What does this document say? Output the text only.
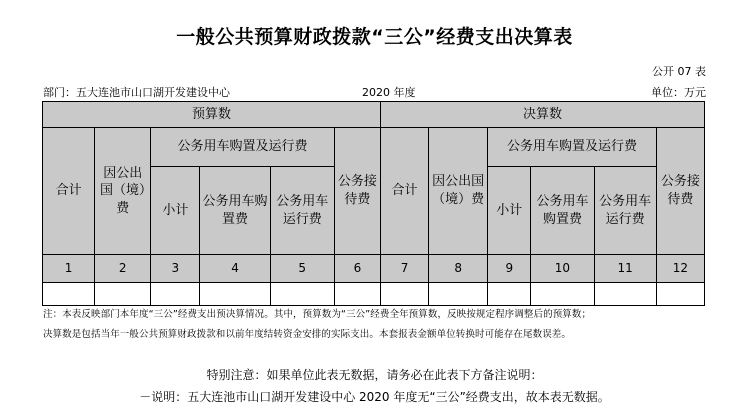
一般公共预算财政拨款“三公”经费支出决算表
公开 07 表
部门：五大连池市山口湖开发建设中心	2020 年度	单位：万元
预算数						决算数					
合计	因公出国（境）费	公务用车购置及运行费			公务接待费	合计	因公出国（境）费	公务用车购置及运行费			公务接待费
		小计	公务用车购置费	公务用车运行费				小计	公务用车购置费	公务用车运行费	
1	2	3	4	5	6	7	8	9	10	11	12

注：本表反映部门本年度“三公”经费支出预决算情况。其中，预算数为“三公”经费全年预算数，反映按规定程序调整后的预算数；
决算数是包括当年一般公共预算财政拨款和以前年度结转资金安排的实际支出。本套报表金额单位转换时可能存在尾数误差。
特别注意：如果单位此表无数据，请务必在此表下方备注说明：
－说明：五大连池市山口湖开发建设中心 2020 年度无“三公”经费支出，故本表无数据。
